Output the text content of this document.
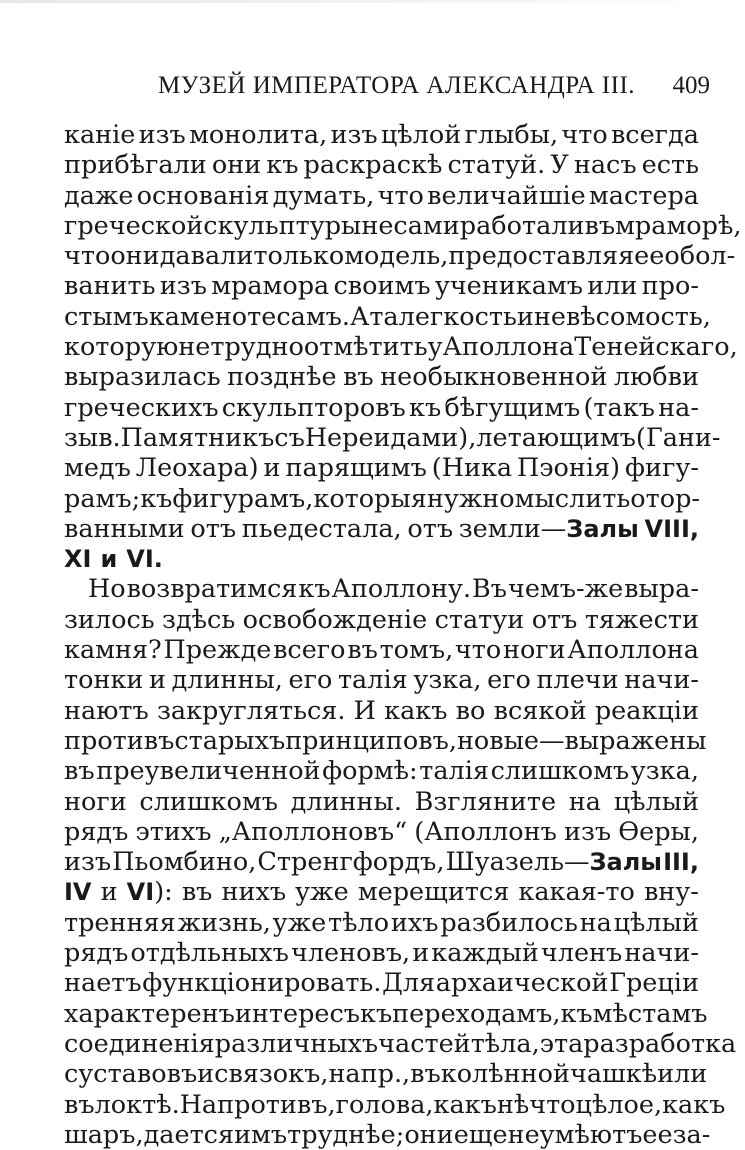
МУЗЕЙ ИМПЕРАТОРА АЛЕКСАНДРА III. 409
каніе изъ монолита, изъ цѣлой глыбы, что всегда
прибѣгали они къ раскраскѣ статуй. У насъ есть
даже основанія думать, что величайшіе мастера
греческой скульптуры не сами работали въ мраморѣ,
что они давали только модель, предоставляя ее обол-
ванить изъ мрамора своимъ ученикамъ или про-
стымъ каменотесамъ. А та легкость и невѣсомость,
которую нетрудно отмѣтить у Аполлона Тенейскаго,
выразилась позднѣе въ необыкновенной любви
греческихъ скульпторовъ къ бѣгущимъ (такъ на-
зыв. Памятникъ съ Нереидами), летающимъ (Гани-
медъ Леохара) и парящимъ (Ника Пэонія) фигу-
рамъ; къ фигурамъ, которыя нужно мыслить отор-
ванными отъ пьедестала, отъ земли—Залы VIII,
XI и VI.
Но возвратимся къ Аполлону. Въ чемъ-же выра-
зилось здѣсь освобожденіе статуи отъ тяжести
камня? Прежде всего въ томъ, что ноги Аполлона
тонки и длинны, его талія узка, его плечи начи-
наютъ закругляться. И какъ во всякой реакціи
противъ старыхъ принциповъ, новые—выражены
въ преувеличенной формѣ: талія слишкомъ узка,
ноги слишкомъ длинны. Взгляните на цѣлый
рядъ этихъ „Аполлоновъ“ (Аполлонъ изъ Ѳеры,
изъ Пьомбино, Стренгфордъ, Шуазель—Залы III,
IV и VI): въ нихъ уже мерещится какая-то вну-
тренняя жизнь, уже тѣло ихъ разбилось на цѣлый
рядъ отдѣльныхъ членовъ, и каждый членъ начи-
наетъ функціонировать. Для архаической Греціи
характеренъ интересъ къ переходамъ, къ мѣстамъ
соединенія различныхъ частей тѣла, эта разработка
суставовъ и связокъ, напр., въ колѣнной чашкѣ или
въ локтѣ. Напротивъ, голова, какъ нѣчто цѣлое, какъ
шаръ, дается имъ труднѣе; они еще не умѣютъ ее за-
